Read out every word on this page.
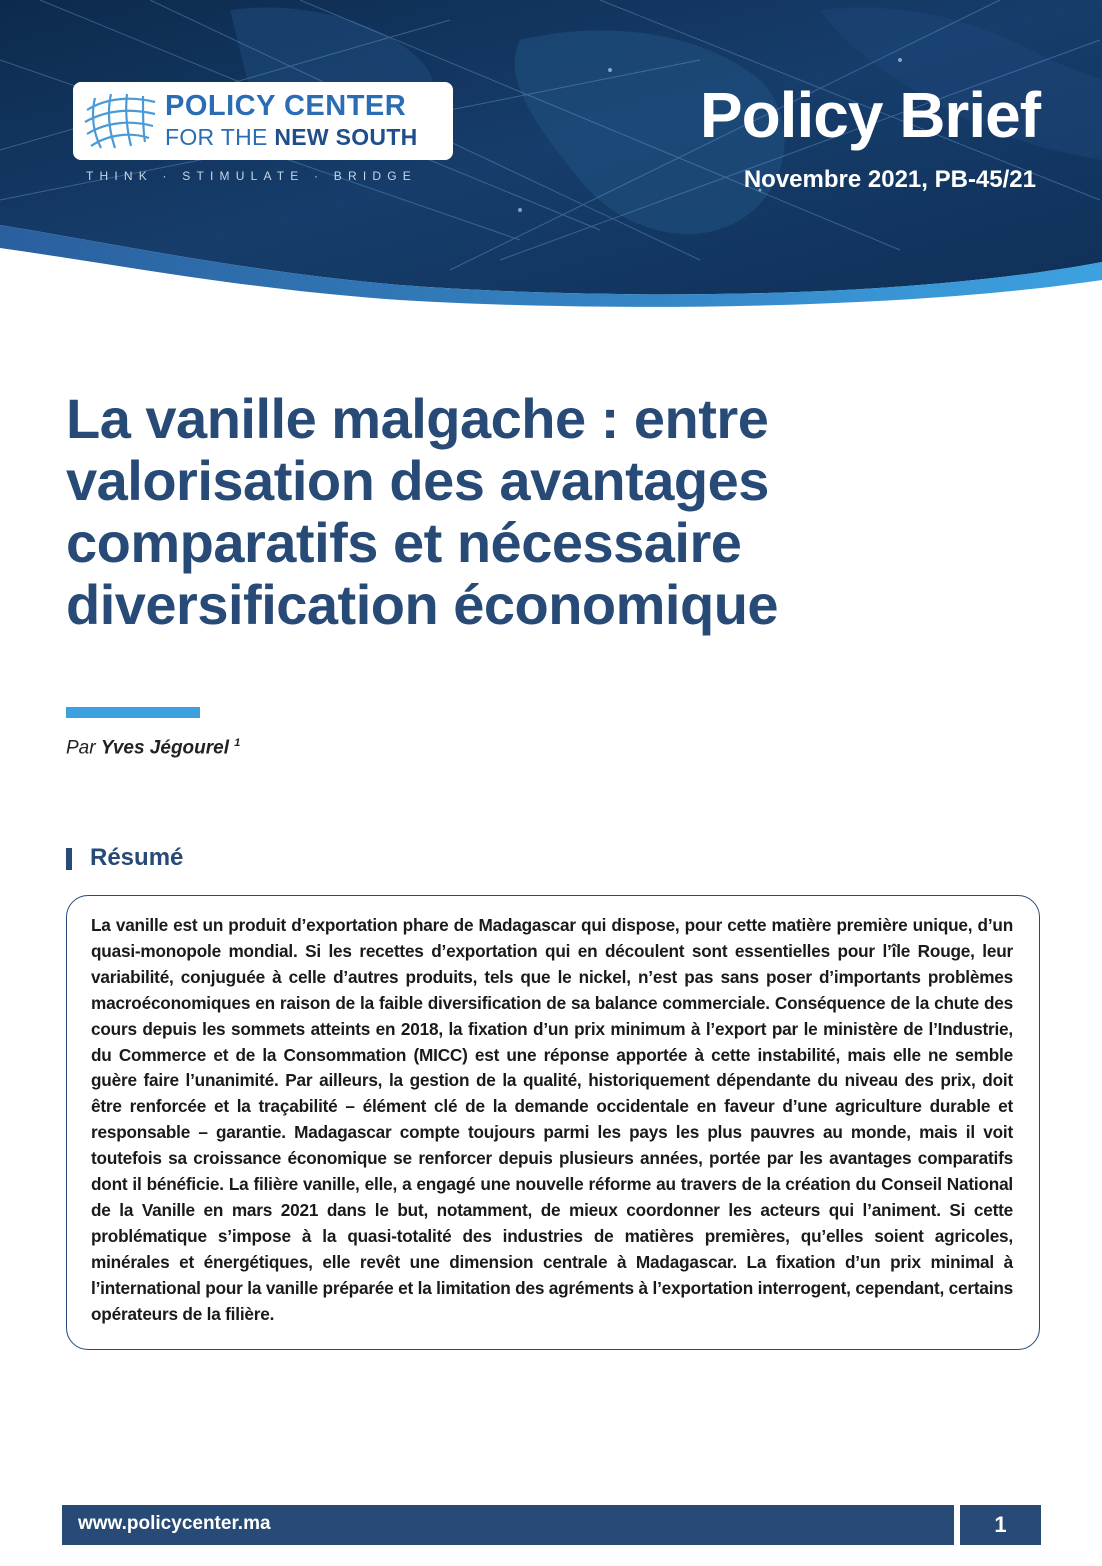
POLICY CENTER
FOR THE NEW SOUTH
THINK · STIMULATE · BRIDGE
Policy Brief
Novembre 2021, PB-45/21
La vanille malgache : entre valorisation des avantages comparatifs et nécessaire diversification économique
Par Yves Jégourel $^1$
Résumé

La vanille est un produit d’exportation phare de Madagascar qui dispose, pour cette matière première unique, d’un quasi-monopole mondial. Si les recettes d’exportation qui en découlent sont essentielles pour l’île Rouge, leur variabilité, conjuguée à celle d’autres produits, tels que le nickel, n’est pas sans poser d’importants problèmes macroéconomiques en raison de la faible diversification de sa balance commerciale. Conséquence de la chute des cours depuis les sommets atteints en 2018, la fixation d’un prix minimum à l’export par le ministère de l’Industrie, du Commerce et de la Consommation (MICC) est une réponse apportée à cette instabilité, mais elle ne semble guère faire l’unanimité. Par ailleurs, la gestion de la qualité, historiquement dépendante du niveau des prix, doit être renforcée et la traçabilité – élément clé de la demande occidentale en faveur d’une agriculture durable et responsable – garantie. Madagascar compte toujours parmi les pays les plus pauvres au monde, mais il voit toutefois sa croissance économique se renforcer depuis plusieurs années, portée par les avantages comparatifs dont il bénéficie. La filière vanille, elle, a engagé une nouvelle réforme au travers de la création du Conseil National de la Vanille en mars 2021 dans le but, notamment, de mieux coordonner les acteurs qui l’animent. Si cette problématique s’impose à la quasi-totalité des industries de matières premières, qu’elles soient agricoles, minérales et énergétiques, elle revêt une dimension centrale à Madagascar. La fixation d’un prix minimal à l’international pour la vanille préparée et la limitation des agréments à l’exportation interrogent, cependant, certains opérateurs de la filière.

www.policycenter.ma	1
